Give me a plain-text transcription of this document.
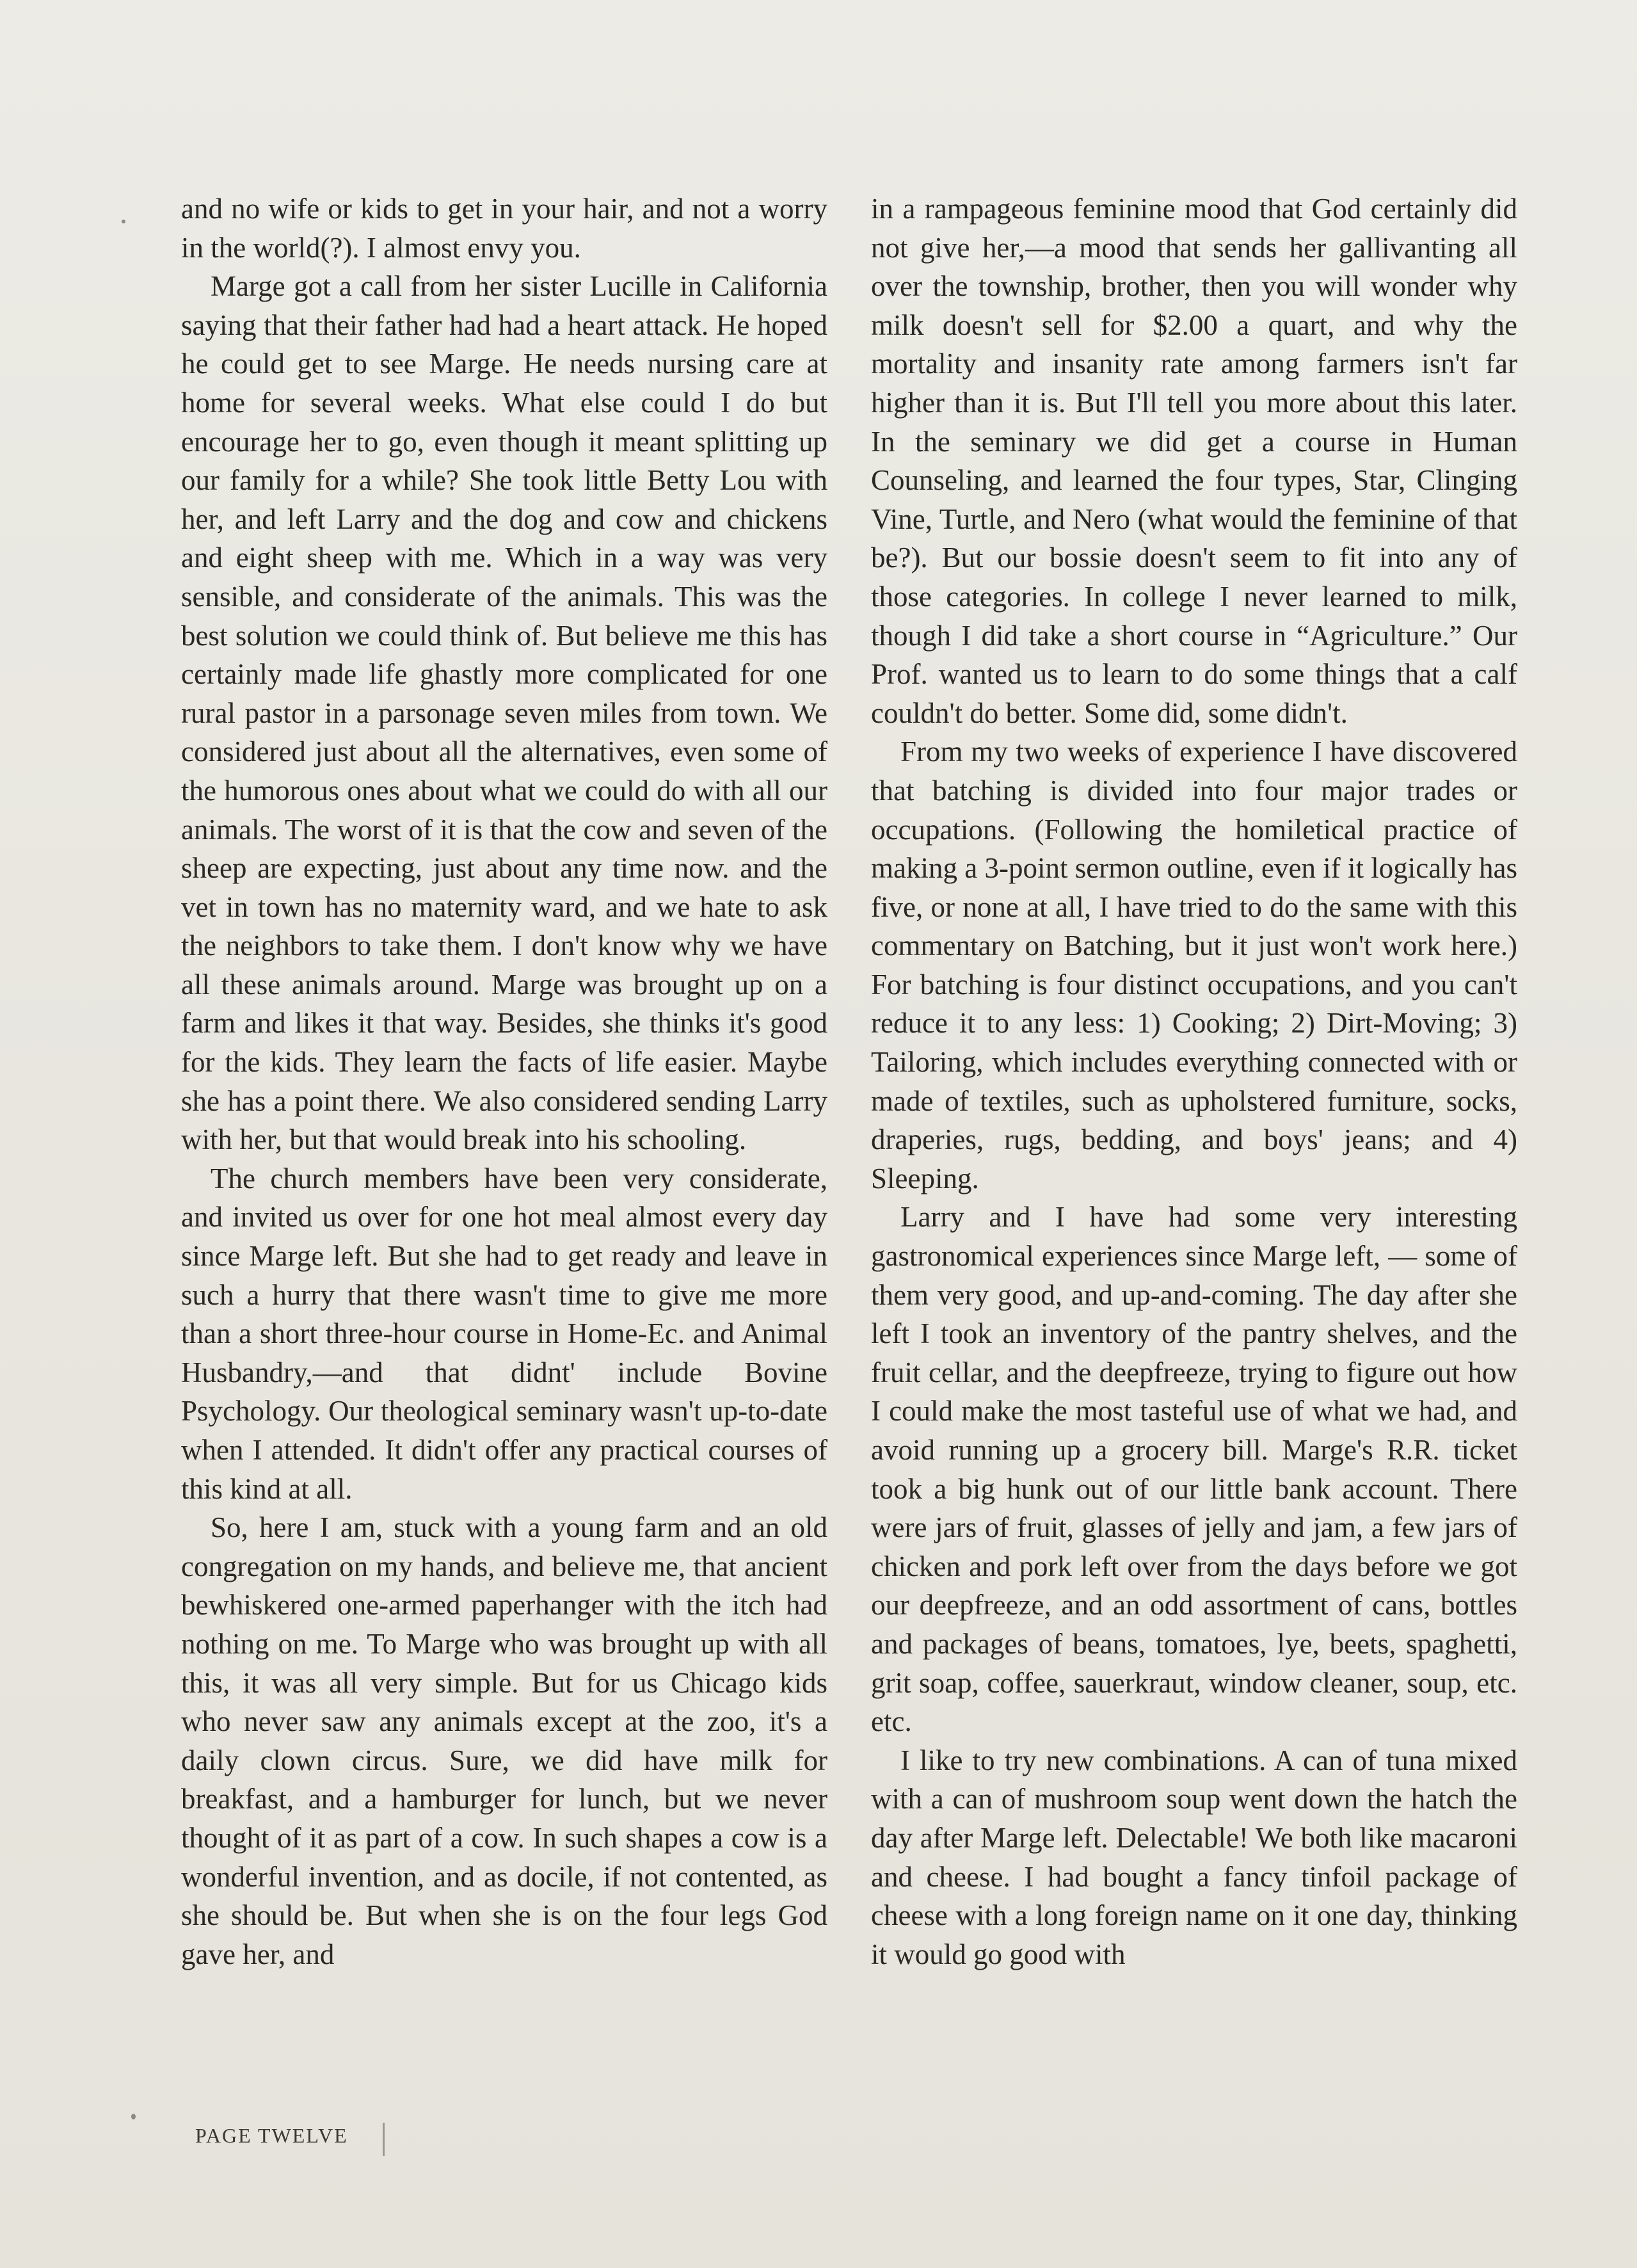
and no wife or kids to get in your hair, and not a worry in the world(?). I almost envy you.

Marge got a call from her sister Lucille in California saying that their father had had a heart attack. He hoped he could get to see Marge. He needs nursing care at home for several weeks. What else could I do but encourage her to go, even though it meant splitting up our family for a while? She took little Betty Lou with her, and left Larry and the dog and cow and chickens and eight sheep with me. Which in a way was very sensible, and considerate of the animals. This was the best solution we could think of. But believe me this has certainly made life ghastly more complicated for one rural pastor in a parsonage seven miles from town. We considered just about all the alternatives, even some of the humorous ones about what we could do with all our animals. The worst of it is that the cow and seven of the sheep are expecting, just about any time now. and the vet in town has no maternity ward, and we hate to ask the neighbors to take them. I don't know why we have all these animals around. Marge was brought up on a farm and likes it that way. Besides, she thinks it's good for the kids. They learn the facts of life easier. Maybe she has a point there. We also considered sending Larry with her, but that would break into his schooling.

The church members have been very considerate, and invited us over for one hot meal almost every day since Marge left. But she had to get ready and leave in such a hurry that there wasn't time to give me more than a short three-hour course in Home-Ec. and Animal Husbandry,—and that didnt' include Bovine Psychology. Our theological seminary wasn't up-to-date when I attended. It didn't offer any practical courses of this kind at all.

So, here I am, stuck with a young farm and an old congregation on my hands, and believe me, that ancient bewhiskered one-armed paperhanger with the itch had nothing on me. To Marge who was brought up with all this, it was all very simple. But for us Chicago kids who never saw any animals except at the zoo, it's a daily clown circus. Sure, we did have milk for breakfast, and a hamburger for lunch, but we never thought of it as part of a cow. In such shapes a cow is a wonderful invention, and as docile, if not contented, as she should be. But when she is on the four legs God gave her, and

in a rampageous feminine mood that God certainly did not give her,—a mood that sends her gallivanting all over the township, brother, then you will wonder why milk doesn't sell for $2.00 a quart, and why the mortality and insanity rate among farmers isn't far higher than it is. But I'll tell you more about this later. In the seminary we did get a course in Human Counseling, and learned the four types, Star, Clinging Vine, Turtle, and Nero (what would the feminine of that be?). But our bossie doesn't seem to fit into any of those categories. In college I never learned to milk, though I did take a short course in “Agriculture.” Our Prof. wanted us to learn to do some things that a calf couldn't do better. Some did, some didn't.

From my two weeks of experience I have discovered that batching is divided into four major trades or occupations. (Following the homiletical practice of making a 3-point sermon outline, even if it logically has five, or none at all, I have tried to do the same with this commentary on Batching, but it just won't work here.) For batching is four distinct occupations, and you can't reduce it to any less: 1) Cooking; 2) Dirt-Moving; 3) Tailoring, which includes everything connected with or made of textiles, such as upholstered furniture, socks, draperies, rugs, bedding, and boys' jeans; and 4) Sleeping.

Larry and I have had some very interesting gastronomical experiences since Marge left, — some of them very good, and up-and-coming. The day after she left I took an inventory of the pantry shelves, and the fruit cellar, and the deepfreeze, trying to figure out how I could make the most tasteful use of what we had, and avoid running up a grocery bill. Marge's R.R. ticket took a big hunk out of our little bank account. There were jars of fruit, glasses of jelly and jam, a few jars of chicken and pork left over from the days before we got our deepfreeze, and an odd assortment of cans, bottles and packages of beans, tomatoes, lye, beets, spaghetti, grit soap, coffee, sauerkraut, window cleaner, soup, etc. etc.

I like to try new combinations. A can of tuna mixed with a can of mushroom soup went down the hatch the day after Marge left. Delectable! We both like macaroni and cheese. I had bought a fancy tinfoil package of cheese with a long foreign name on it one day, thinking it would go good with

PAGE TWELVE
